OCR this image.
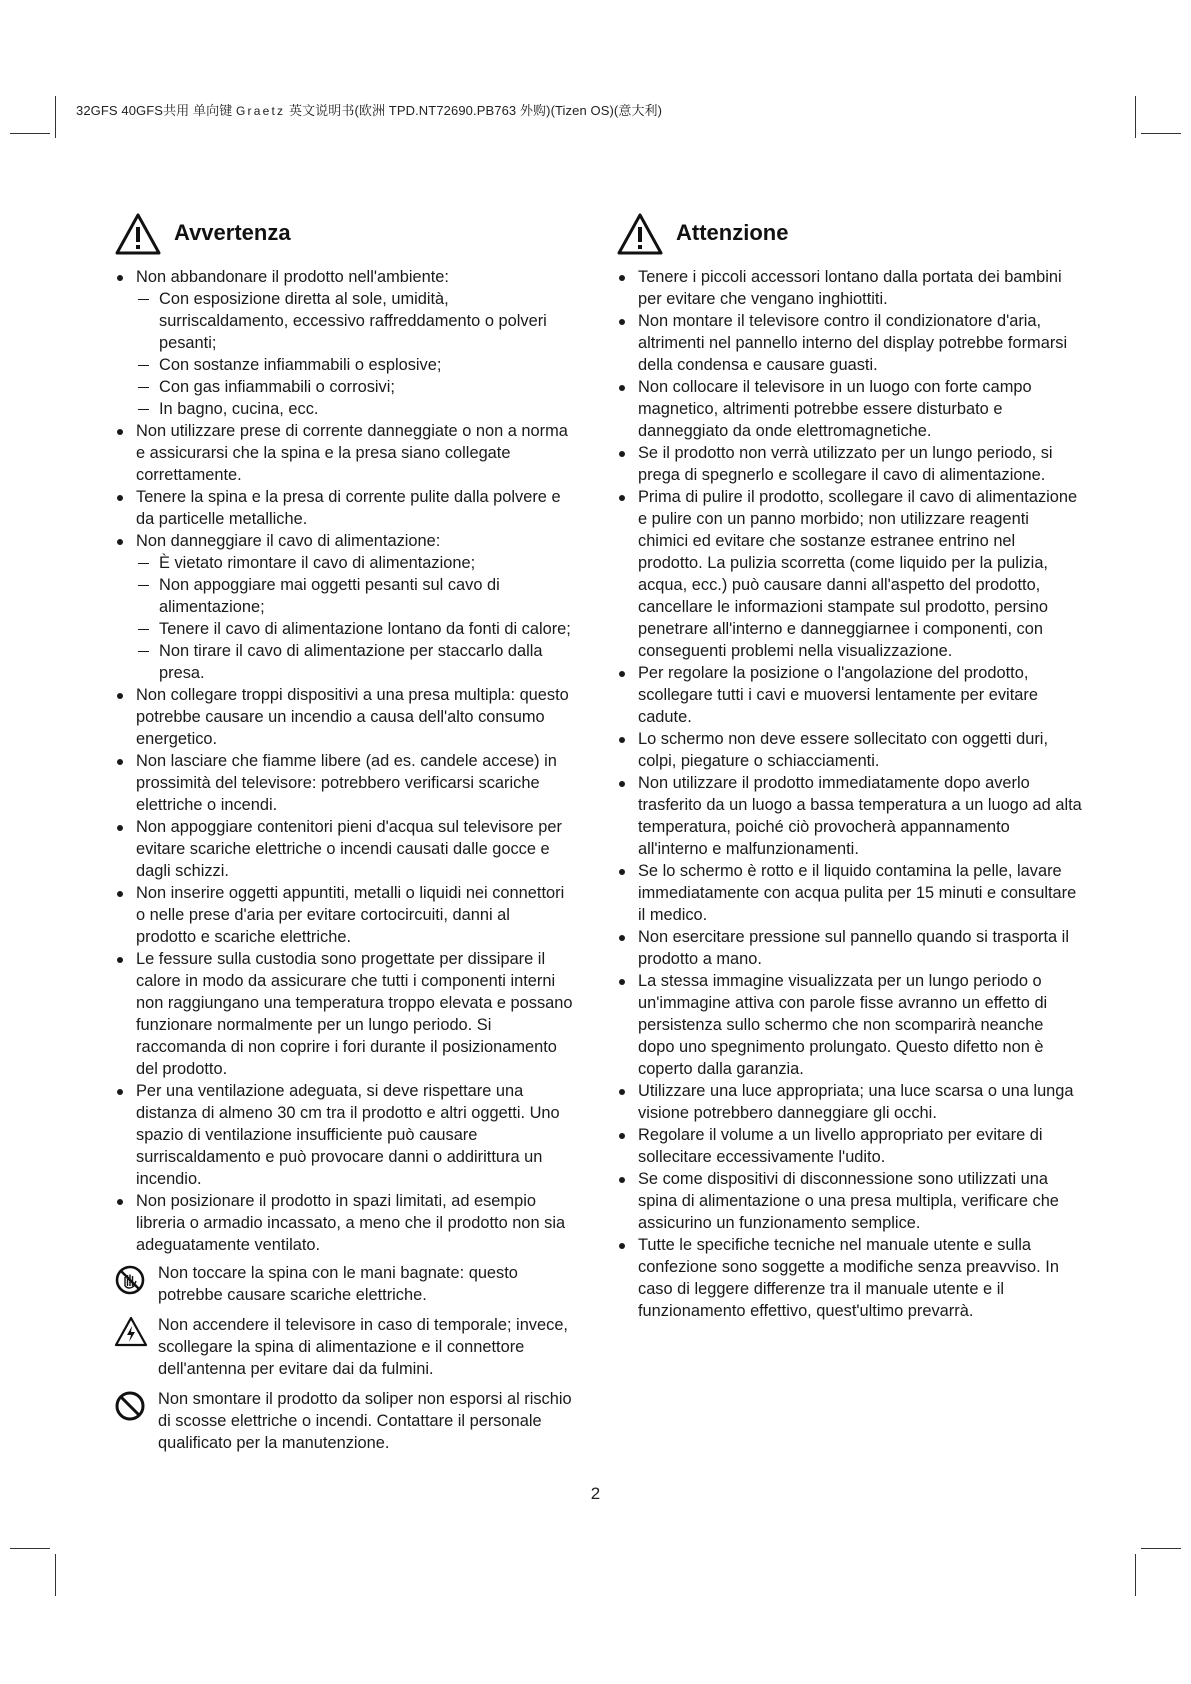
32GFS 40GFS共用 单向键 Graetz 英文说明书(欧洲 TPD.NT72690.PB763 外购)(Tizen OS)(意大利)
Avvertenza
Non abbandonare il prodotto nell'ambiente:
Con esposizione diretta al sole, umidità, surriscaldamento, eccessivo raffreddamento o polveri pesanti;
Con sostanze infiammabili o esplosive;
Con gas infiammabili o corrosivi;
In bagno, cucina, ecc.
Non utilizzare prese di corrente danneggiate o non a norma e assicurarsi che la spina e la presa siano collegate correttamente.
Tenere la spina e la presa di corrente pulite dalla polvere e da particelle metalliche.
Non danneggiare il cavo di alimentazione:
È vietato rimontare il cavo di alimentazione;
Non appoggiare mai oggetti pesanti sul cavo di alimentazione;
Tenere il cavo di alimentazione lontano da fonti di calore;
Non tirare il cavo di alimentazione per staccarlo dalla presa.
Non collegare troppi dispositivi a una presa multipla: questo potrebbe causare un incendio a causa dell'alto consumo energetico.
Non lasciare che fiamme libere (ad es. candele accese) in prossimità del televisore: potrebbero verificarsi scariche elettriche o incendi.
Non appoggiare contenitori pieni d'acqua sul televisore per evitare scariche elettriche o incendi causati dalle gocce e dagli schizzi.
Non inserire oggetti appuntiti, metalli o liquidi nei connettori o nelle prese d'aria per evitare cortocircuiti, danni al prodotto e scariche elettriche.
Le fessure sulla custodia sono progettate per dissipare il calore in modo da assicurare che tutti i componenti interni non raggiungano una temperatura troppo elevata e possano funzionare normalmente per un lungo periodo. Si raccomanda di non coprire i fori durante il posizionamento del prodotto.
Per una ventilazione adeguata, si deve rispettare una distanza di almeno 30 cm tra il prodotto e altri oggetti. Uno spazio di ventilazione insufficiente può causare surriscaldamento e può provocare danni o addirittura un incendio.
Non posizionare il prodotto in spazi limitati, ad esempio libreria o armadio incassato, a meno che il prodotto non sia adeguatamente ventilato.
Non toccare la spina con le mani bagnate: questo potrebbe causare scariche elettriche.
Non accendere il televisore in caso di temporale; invece, scollegare la spina di alimentazione e il connettore dell'antenna per evitare dai da fulmini.
Non smontare il prodotto da soliper non esporsi al rischio di scosse elettriche o incendi. Contattare il personale qualificato per la manutenzione.
Attenzione
Tenere i piccoli accessori lontano dalla portata dei bambini per evitare che vengano inghiottiti.
Non montare il televisore contro il condizionatore d'aria, altrimenti nel pannello interno del display potrebbe formarsi della condensa e causare guasti.
Non collocare il televisore in un luogo con forte campo magnetico, altrimenti potrebbe essere disturbato e danneggiato da onde elettromagnetiche.
Se il prodotto non verrà utilizzato per un lungo periodo, si prega di spegnerlo e scollegare il cavo di alimentazione.
Prima di pulire il prodotto, scollegare il cavo di alimentazione e pulire con un panno morbido; non utilizzare reagenti chimici ed evitare che sostanze estranee entrino nel prodotto. La pulizia scorretta (come liquido per la pulizia, acqua, ecc.) può causare danni all'aspetto del prodotto, cancellare le informazioni stampate sul prodotto, persino penetrare all'interno e danneggiarnee i componenti, con conseguenti problemi nella visualizzazione.
Per regolare la posizione o l'angolazione del prodotto, scollegare tutti i cavi e muoversi lentamente per evitare cadute.
Lo schermo non deve essere sollecitato con oggetti duri, colpi, piegature o schiacciamenti.
Non utilizzare il prodotto immediatamente dopo averlo trasferito da un luogo a bassa temperatura a un luogo ad alta temperatura, poiché ciò provocherà appannamento all'interno e malfunzionamenti.
Se lo schermo è rotto e il liquido contamina la pelle, lavare immediatamente con acqua pulita per 15 minuti e consultare il medico.
Non esercitare pressione sul pannello quando si trasporta il prodotto a mano.
La stessa immagine visualizzata per un lungo periodo o un'immagine attiva con parole fisse avranno un effetto di persistenza sullo schermo che non scomparirà neanche dopo uno spegnimento prolungato. Questo difetto non è coperto dalla garanzia.
Utilizzare una luce appropriata; una luce scarsa o una lunga visione potrebbero danneggiare gli occhi.
Regolare il volume a un livello appropriato per evitare di sollecitare eccessivamente l'udito.
Se come dispositivi di disconnessione sono utilizzati una spina di alimentazione o una presa multipla, verificare che assicurino un funzionamento semplice.
Tutte le specifiche tecniche nel manuale utente e sulla confezione sono soggette a modifiche senza preavviso. In caso di leggere differenze tra il manuale utente e il funzionamento effettivo, quest'ultimo prevarrà.
2
